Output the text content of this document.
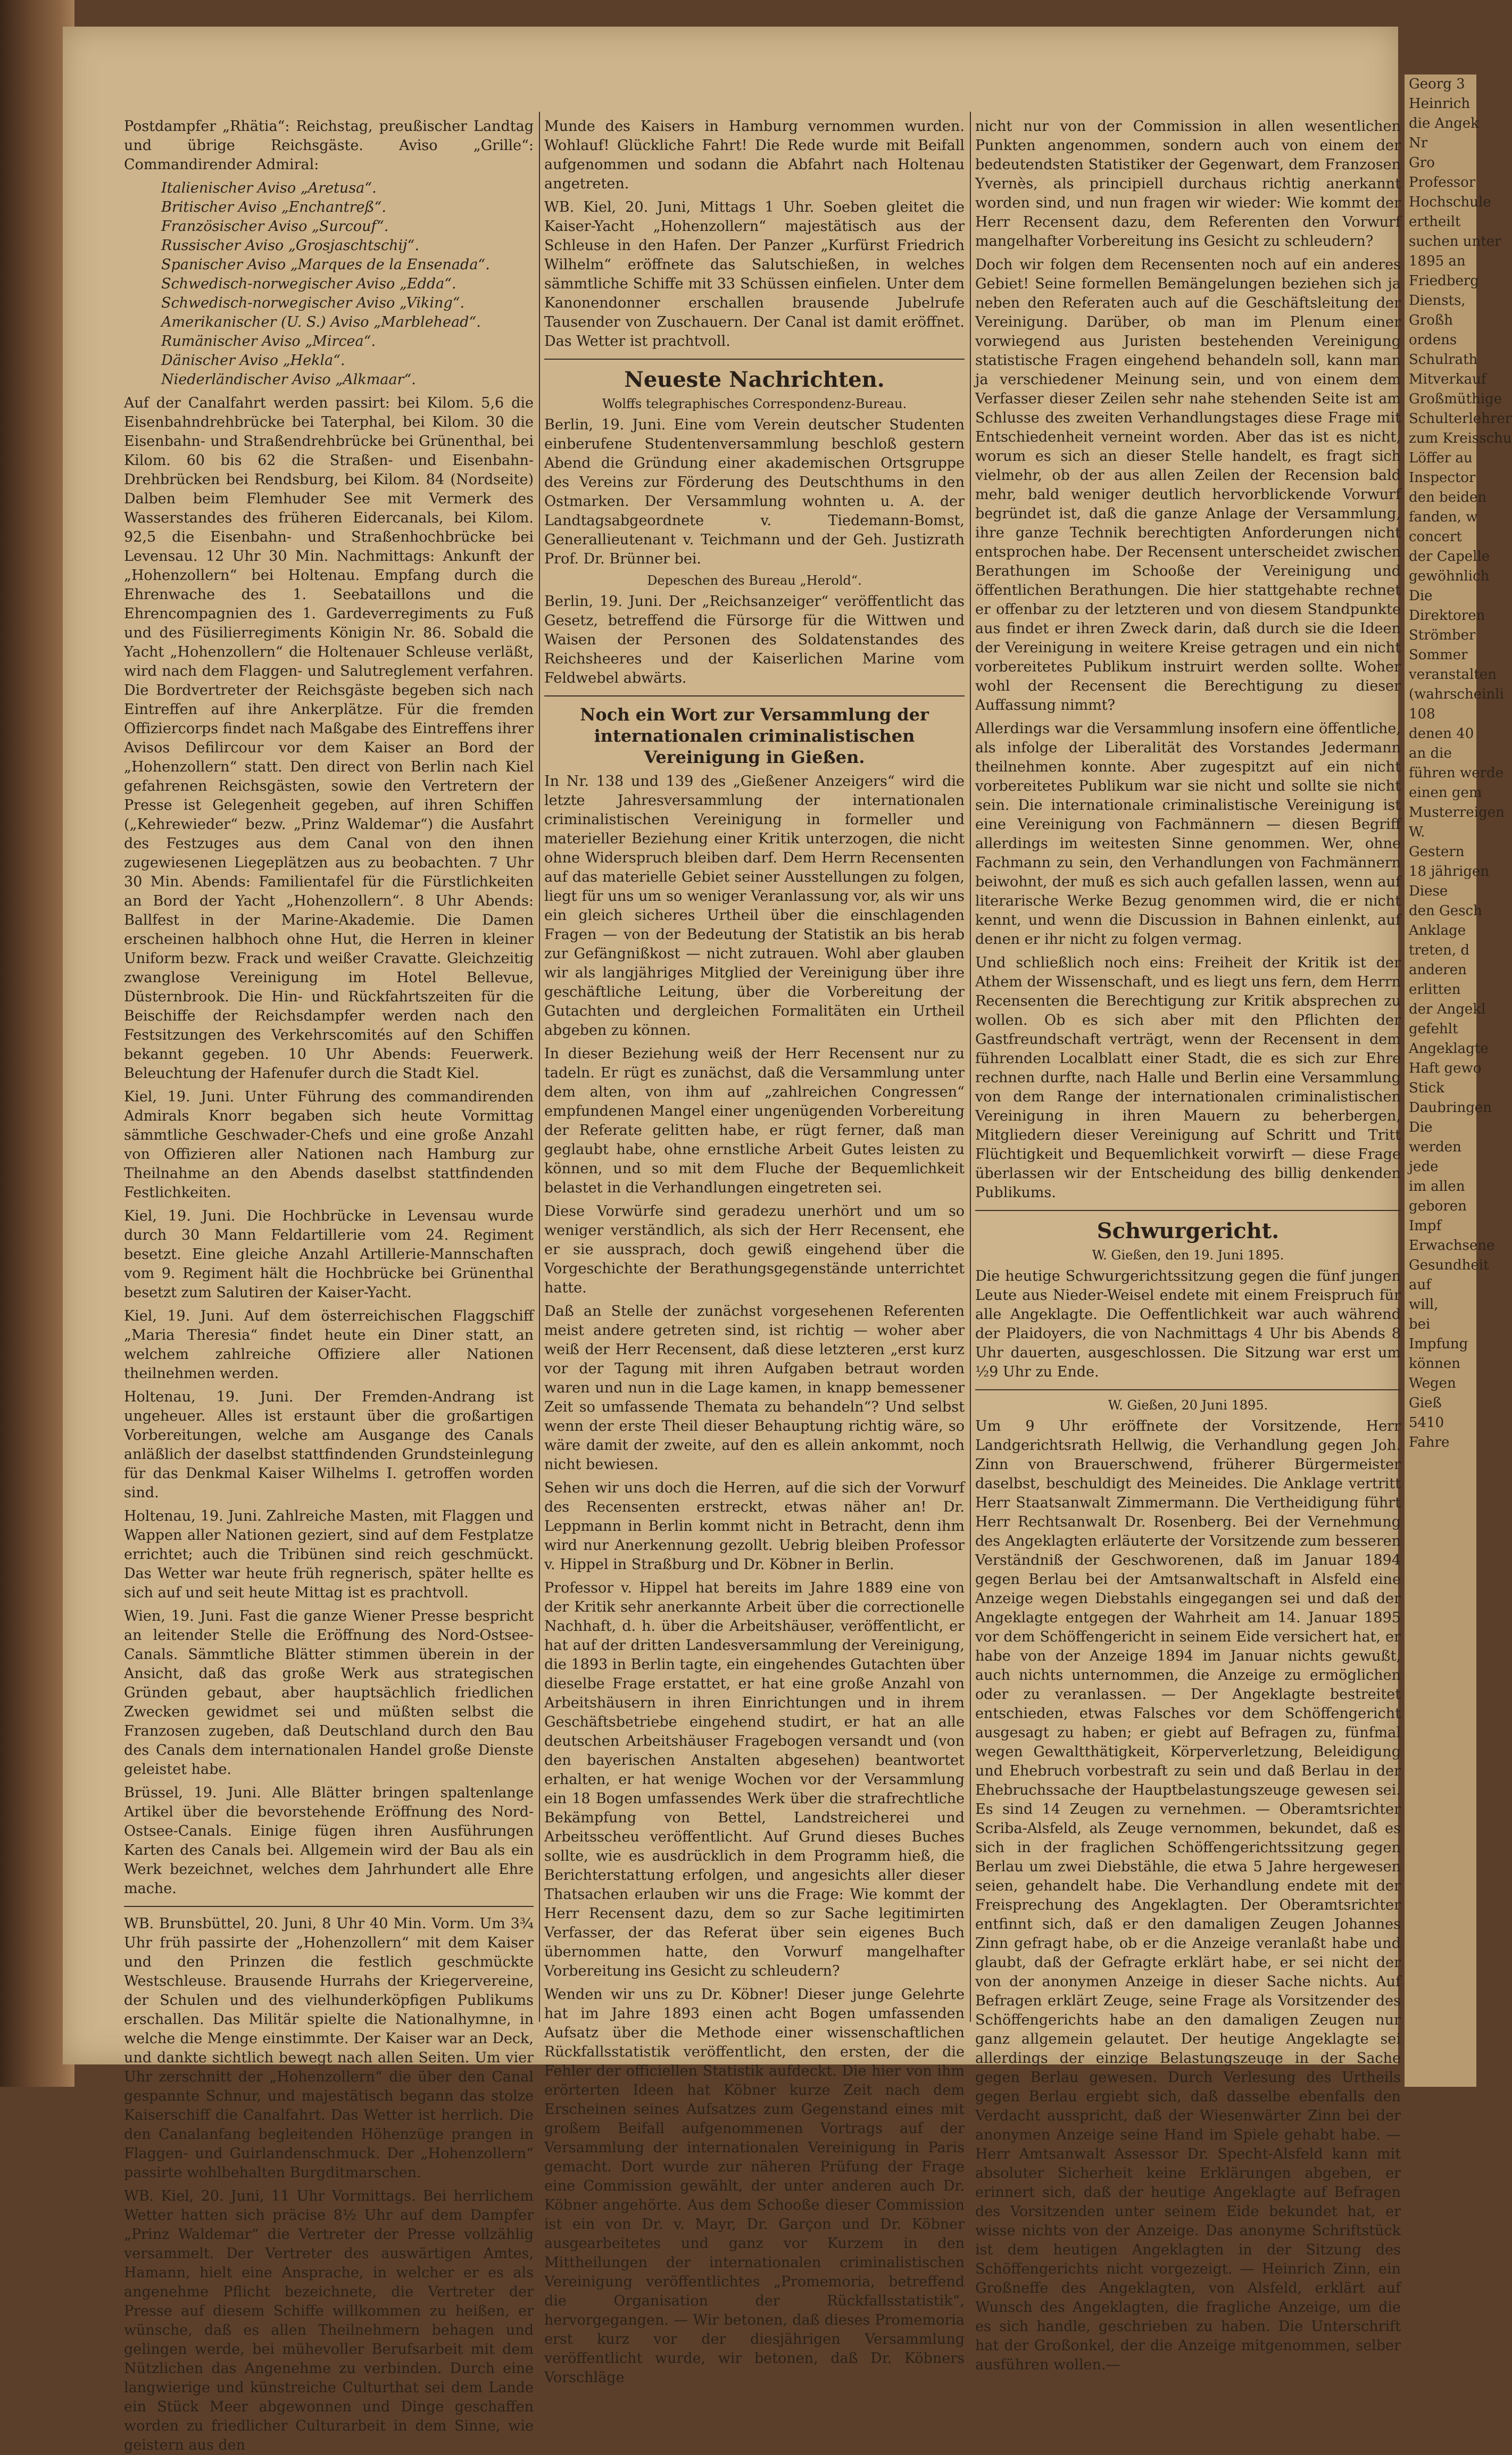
Postdampfer „Rhätia“: Reichstag, preußischer Landtag und übrige Reichsgäste. Aviso „Grille“: Commandirender Admiral:

Italienischer Aviso „Aretusa“.
Britischer Aviso „Enchantreß“.
Französischer Aviso „Surcouf“.
Russischer Aviso „Grosjaschtschij“.
Spanischer Aviso „Marques de la Ensenada“.
Schwedisch-norwegischer Aviso „Edda“.
Schwedisch-norwegischer Aviso „Viking“.
Amerikanischer (U. S.) Aviso „Marblehead“.
Rumänischer Aviso „Mircea“.
Dänischer Aviso „Hekla“.
Niederländischer Aviso „Alkmaar“.

Auf der Canalfahrt werden passirt: bei Kilom. 5,6 die Eisenbahndrehbrücke bei Taterphal, bei Kilom. 30 die Eisenbahn- und Straßendrehbrücke bei Grünenthal, bei Kilom. 60 bis 62 die Straßen- und Eisenbahn-Drehbrücken bei Rendsburg, bei Kilom. 84 (Nordseite) Dalben beim Flemhuder See mit Vermerk des Wasserstandes des früheren Eidercanals, bei Kilom. 92,5 die Eisenbahn- und Straßenhochbrücke bei Levensau. 12 Uhr 30 Min. Nachmittags: Ankunft der „Hohenzollern“ bei Holtenau. Empfang durch die Ehrenwache des 1. Seebataillons und die Ehrencompagnien des 1. Gardeverregiments zu Fuß und des Füsilierregiments Königin Nr. 86. Sobald die Yacht „Hohenzollern“ die Holtenauer Schleuse verläßt, wird nach dem Flaggen- und Salutreglement verfahren. Die Bordvertreter der Reichsgäste begeben sich nach Eintreffen auf ihre Ankerplätze. Für die fremden Offiziercorps findet nach Maßgabe des Eintreffens ihrer Avisos Defilircour vor dem Kaiser an Bord der „Hohenzollern“ statt. Den direct von Berlin nach Kiel gefahrenen Reichsgästen, sowie den Vertretern der Presse ist Gelegenheit gegeben, auf ihren Schiffen („Kehrewieder“ bezw. „Prinz Waldemar“) die Ausfahrt des Festzuges aus dem Canal von den ihnen zugewiesenen Liegeplätzen aus zu beobachten. 7 Uhr 30 Min. Abends: Familientafel für die Fürstlichkeiten an Bord der Yacht „Hohenzollern“. 8 Uhr Abends: Ballfest in der Marine-Akademie. Die Damen erscheinen halbhoch ohne Hut, die Herren in kleiner Uniform bezw. Frack und weißer Cravatte. Gleichzeitig zwanglose Vereinigung im Hotel Bellevue, Düsternbrook. Die Hin- und Rückfahrtszeiten für die Beischiffe der Reichsdampfer werden nach den Festsitzungen des Verkehrscomités auf den Schiffen bekannt gegeben. 10 Uhr Abends: Feuerwerk. Beleuchtung der Hafenufer durch die Stadt Kiel.

Kiel, 19. Juni. Unter Führung des commandirenden Admirals Knorr begaben sich heute Vormittag sämmtliche Geschwader-Chefs und eine große Anzahl von Offizieren aller Nationen nach Hamburg zur Theilnahme an den Abends daselbst stattfindenden Festlichkeiten.

Kiel, 19. Juni. Die Hochbrücke in Levensau wurde durch 30 Mann Feldartillerie vom 24. Regiment besetzt. Eine gleiche Anzahl Artillerie-Mannschaften vom 9. Regiment hält die Hochbrücke bei Grünenthal besetzt zum Salutiren der Kaiser-Yacht.

Kiel, 19. Juni. Auf dem österreichischen Flaggschiff „Maria Theresia“ findet heute ein Diner statt, an welchem zahlreiche Offiziere aller Nationen theilnehmen werden.

Holtenau, 19. Juni. Der Fremden-Andrang ist ungeheuer. Alles ist erstaunt über die großartigen Vorbereitungen, welche am Ausgange des Canals anläßlich der daselbst stattfindenden Grundsteinlegung für das Denkmal Kaiser Wilhelms I. getroffen worden sind.

Holtenau, 19. Juni. Zahlreiche Masten, mit Flaggen und Wappen aller Nationen geziert, sind auf dem Festplatze errichtet; auch die Tribünen sind reich geschmückt. Das Wetter war heute früh regnerisch, später hellte es sich auf und seit heute Mittag ist es prachtvoll.

Wien, 19. Juni. Fast die ganze Wiener Presse bespricht an leitender Stelle die Eröffnung des Nord-Ostsee-Canals. Sämmtliche Blätter stimmen überein in der Ansicht, daß das große Werk aus strategischen Gründen gebaut, aber hauptsächlich friedlichen Zwecken gewidmet sei und müßten selbst die Franzosen zugeben, daß Deutschland durch den Bau des Canals dem internationalen Handel große Dienste geleistet habe.

Brüssel, 19. Juni. Alle Blätter bringen spaltenlange Artikel über die bevorstehende Eröffnung des Nord-Ostsee-Canals. Einige fügen ihren Ausführungen Karten des Canals bei. Allgemein wird der Bau als ein Werk bezeichnet, welches dem Jahrhundert alle Ehre mache.

WB. Brunsbüttel, 20. Juni, 8 Uhr 40 Min. Vorm. Um 3¾ Uhr früh passirte der „Hohenzollern“ mit dem Kaiser und den Prinzen die festlich geschmückte Westschleuse. Brausende Hurrahs der Kriegervereine, der Schulen und des vielhunderköpfigen Publikums erschallen. Das Militär spielte die Nationalhymne, in welche die Menge einstimmte. Der Kaiser war an Deck, und dankte sichtlich bewegt nach allen Seiten. Um vier Uhr zerschnitt der „Hohenzollern“ die über den Canal gespannte Schnur, und majestätisch begann das stolze Kaiserschiff die Canalfahrt. Das Wetter ist herrlich. Die den Canalanfang begleitenden Höhenzüge prangen in Flaggen- und Guirlandenschmuck. Der „Hohenzollern“ passirte wohlbehalten Burgditmarschen.

WB. Kiel, 20. Juni, 11 Uhr Vormittags. Bei herrlichem Wetter hatten sich präcise 8½ Uhr auf dem Dampfer „Prinz Waldemar“ die Vertreter der Presse vollzählig versammelt. Der Vertreter des auswärtigen Amtes, Hamann, hielt eine Ansprache, in welcher er es als angenehme Pflicht bezeichnete, die Vertreter der Presse auf diesem Schiffe willkommen zu heißen, er wünsche, daß es allen Theilnehmern behagen und gelingen werde, bei mühevoller Berufsarbeit mit dem Nützlichen das Angenehme zu verbinden. Durch eine langwierige und künstreiche Culturthat sei dem Lande ein Stück Meer abgewonnen und Dinge geschaffen worden zu friedlicher Culturarbeit in dem Sinne, wie geistern aus den

Munde des Kaisers in Hamburg vernommen wurden. Wohlauf! Glückliche Fahrt! Die Rede wurde mit Beifall aufgenommen und sodann die Abfahrt nach Holtenau angetreten.

WB. Kiel, 20. Juni, Mittags 1 Uhr. Soeben gleitet die Kaiser-Yacht „Hohenzollern“ majestätisch aus der Schleuse in den Hafen. Der Panzer „Kurfürst Friedrich Wilhelm“ eröffnete das Salutschießen, in welches sämmtliche Schiffe mit 33 Schüssen einfielen. Unter dem Kanonendonner erschallen brausende Jubelrufe Tausender von Zuschauern. Der Canal ist damit eröffnet. Das Wetter ist prachtvoll.

Neueste Nachrichten.
Wolffs telegraphisches Correspondenz-Bureau.

Berlin, 19. Juni. Eine vom Verein deutscher Studenten einberufene Studentenversammlung beschloß gestern Abend die Gründung einer akademischen Ortsgruppe des Vereins zur Förderung des Deutschthums in den Ostmarken. Der Versammlung wohnten u. A. der Landtagsabgeordnete v. Tiedemann-Bomst, Generallieutenant v. Teichmann und der Geh. Justizrath Prof. Dr. Brünner bei.

Depeschen des Bureau „Herold“.

Berlin, 19. Juni. Der „Reichsanzeiger“ veröffentlicht das Gesetz, betreffend die Fürsorge für die Wittwen und Waisen der Personen des Soldatenstandes des Reichsheeres und der Kaiserlichen Marine vom Feldwebel abwärts.

Noch ein Wort zur Versammlung der internationalen criminalistischen Vereinigung in Gießen.

In Nr. 138 und 139 des „Gießener Anzeigers“ wird die letzte Jahresversammlung der internationalen criminalistischen Vereinigung in formeller und materieller Beziehung einer Kritik unterzogen, die nicht ohne Widerspruch bleiben darf. Dem Herrn Recensenten auf das materielle Gebiet seiner Ausstellungen zu folgen, liegt für uns um so weniger Veranlassung vor, als wir uns ein gleich sicheres Urtheil über die einschlagenden Fragen — von der Bedeutung der Statistik an bis herab zur Gefängnißkost — nicht zutrauen. Wohl aber glauben wir als langjähriges Mitglied der Vereinigung über ihre geschäftliche Leitung, über die Vorbereitung der Gutachten und dergleichen Formalitäten ein Urtheil abgeben zu können.

In dieser Beziehung weiß der Herr Recensent nur zu tadeln. Er rügt es zunächst, daß die Versammlung unter dem alten, von ihm auf „zahlreichen Congressen“ empfundenen Mangel einer ungenügenden Vorbereitung der Referate gelitten habe, er rügt ferner, daß man geglaubt habe, ohne ernstliche Arbeit Gutes leisten zu können, und so mit dem Fluche der Bequemlichkeit belastet in die Verhandlungen eingetreten sei.

Diese Vorwürfe sind geradezu unerhört und um so weniger verständlich, als sich der Herr Recensent, ehe er sie aussprach, doch gewiß eingehend über die Vorgeschichte der Berathungsgegenstände unterrichtet hatte.

Daß an Stelle der zunächst vorgesehenen Referenten meist andere getreten sind, ist richtig — woher aber weiß der Herr Recensent, daß diese letzteren „erst kurz vor der Tagung mit ihren Aufgaben betraut worden waren und nun in die Lage kamen, in knapp bemessener Zeit so umfassende Themata zu behandeln“? Und selbst wenn der erste Theil dieser Behauptung richtig wäre, so wäre damit der zweite, auf den es allein ankommt, noch nicht bewiesen.

Sehen wir uns doch die Herren, auf die sich der Vorwurf des Recensenten erstreckt, etwas näher an! Dr. Leppmann in Berlin kommt nicht in Betracht, denn ihm wird nur Anerkennung gezollt. Uebrig bleiben Professor v. Hippel in Straßburg und Dr. Köbner in Berlin.

Professor v. Hippel hat bereits im Jahre 1889 eine von der Kritik sehr anerkannte Arbeit über die correctionelle Nachhaft, d. h. über die Arbeitshäuser, veröffentlicht, er hat auf der dritten Landesversammlung der Vereinigung, die 1893 in Berlin tagte, ein eingehendes Gutachten über dieselbe Frage erstattet, er hat eine große Anzahl von Arbeitshäusern in ihren Einrichtungen und in ihrem Geschäftsbetriebe eingehend studirt, er hat an alle deutschen Arbeitshäuser Fragebogen versandt und (von den bayerischen Anstalten abgesehen) beantwortet erhalten, er hat wenige Wochen vor der Versammlung ein 18 Bogen umfassendes Werk über die strafrechtliche Bekämpfung von Bettel, Landstreicherei und Arbeitsscheu veröffentlicht. Auf Grund dieses Buches sollte, wie es ausdrücklich in dem Programm hieß, die Berichterstattung erfolgen, und angesichts aller dieser Thatsachen erlauben wir uns die Frage: Wie kommt der Herr Recensent dazu, dem so zur Sache legitimirten Verfasser, der das Referat über sein eigenes Buch übernommen hatte, den Vorwurf mangelhafter Vorbereitung ins Gesicht zu schleudern?

Wenden wir uns zu Dr. Köbner! Dieser junge Gelehrte hat im Jahre 1893 einen acht Bogen umfassenden Aufsatz über die Methode einer wissenschaftlichen Rückfallsstatistik veröffentlicht, den ersten, der die Fehler der officiellen Statistik aufdeckt. Die hier von ihm erörterten Ideen hat Köbner kurze Zeit nach dem Erscheinen seines Aufsatzes zum Gegenstand eines mit großem Beifall aufgenommenen Vortrags auf der Versammlung der internationalen Vereinigung in Paris gemacht. Dort wurde zur näheren Prüfung der Frage eine Commission gewählt, der unter anderen auch Dr. Köbner angehörte. Aus dem Schooße dieser Commission ist ein von Dr. v. Mayr, Dr. Garçon und Dr. Köbner ausgearbeitetes und ganz vor Kurzem in den Mittheilungen der internationalen criminalistischen Vereinigung veröffentlichtes „Promemoria, betreffend die Organisation der Rückfallsstatistik“, hervorgegangen. — Wir betonen, daß dieses Promemoria erst kurz vor der diesjährigen Versammlung veröffentlicht wurde, wir betonen, daß Dr. Köbners Vorschläge

nicht nur von der Commission in allen wesentlichen Punkten angenommen, sondern auch von einem der bedeutendsten Statistiker der Gegenwart, dem Franzosen Yvernès, als principiell durchaus richtig anerkannt worden sind, und nun fragen wir wieder: Wie kommt der Herr Recensent dazu, dem Referenten den Vorwurf mangelhafter Vorbereitung ins Gesicht zu schleudern?

Doch wir folgen dem Recensenten noch auf ein anderes Gebiet! Seine formellen Bemängelungen beziehen sich ja neben den Referaten auch auf die Geschäftsleitung der Vereinigung. Darüber, ob man im Plenum einer vorwiegend aus Juristen bestehenden Vereinigung statistische Fragen eingehend behandeln soll, kann man ja verschiedener Meinung sein, und von einem dem Verfasser dieser Zeilen sehr nahe stehenden Seite ist am Schlusse des zweiten Verhandlungstages diese Frage mit Entschiedenheit verneint worden. Aber das ist es nicht, worum es sich an dieser Stelle handelt, es fragt sich vielmehr, ob der aus allen Zeilen der Recension bald mehr, bald weniger deutlich hervorblickende Vorwurf begründet ist, daß die ganze Anlage der Versammlung, ihre ganze Technik berechtigten Anforderungen nicht entsprochen habe. Der Recensent unterscheidet zwischen Berathungen im Schooße der Vereinigung und öffentlichen Berathungen. Die hier stattgehabte rechnet er offenbar zu der letzteren und von diesem Standpunkte aus findet er ihren Zweck darin, daß durch sie die Ideen der Vereinigung in weitere Kreise getragen und ein nicht vorbereitetes Publikum instruirt werden sollte. Woher wohl der Recensent die Berechtigung zu dieser Auffassung nimmt?

Allerdings war die Versammlung insofern eine öffentliche, als infolge der Liberalität des Vorstandes Jedermann theilnehmen konnte. Aber zugespitzt auf ein nicht vorbereitetes Publikum war sie nicht und sollte sie nicht sein. Die internationale criminalistische Vereinigung ist eine Vereinigung von Fachmännern — diesen Begriff allerdings im weitesten Sinne genommen. Wer, ohne Fachmann zu sein, den Verhandlungen von Fachmännern beiwohnt, der muß es sich auch gefallen lassen, wenn auf literarische Werke Bezug genommen wird, die er nicht kennt, und wenn die Discussion in Bahnen einlenkt, auf denen er ihr nicht zu folgen vermag.

Und schließlich noch eins: Freiheit der Kritik ist der Athem der Wissenschaft, und es liegt uns fern, dem Herrn Recensenten die Berechtigung zur Kritik absprechen zu wollen. Ob es sich aber mit den Pflichten der Gastfreundschaft verträgt, wenn der Recensent in dem führenden Localblatt einer Stadt, die es sich zur Ehre rechnen durfte, nach Halle und Berlin eine Versammlung von dem Range der internationalen criminalistischen Vereinigung in ihren Mauern zu beherbergen, Mitgliedern dieser Vereinigung auf Schritt und Tritt Flüchtigkeit und Bequemlichkeit vorwirft — diese Frage überlassen wir der Entscheidung des billig denkenden Publikums.

Schwurgericht.
W. Gießen, den 19. Juni 1895.

Die heutige Schwurgerichtssitzung gegen die fünf jungen Leute aus Nieder-Weisel endete mit einem Freispruch für alle Angeklagte. Die Oeffentlichkeit war auch während der Plaidoyers, die von Nachmittags 4 Uhr bis Abends 8 Uhr dauerten, ausgeschlossen. Die Sitzung war erst um ½9 Uhr zu Ende.

W. Gießen, 20 Juni 1895.

Um 9 Uhr eröffnete der Vorsitzende, Herr Landgerichtsrath Hellwig, die Verhandlung gegen Joh. Zinn von Brauerschwend, früherer Bürgermeister daselbst, beschuldigt des Meineides. Die Anklage vertritt Herr Staatsanwalt Zimmermann. Die Vertheidigung führt Herr Rechtsanwalt Dr. Rosenberg. Bei der Vernehmung des Angeklagten erläuterte der Vorsitzende zum besseren Verständniß der Geschworenen, daß im Januar 1894 gegen Berlau bei der Amtsanwaltschaft in Alsfeld eine Anzeige wegen Diebstahls eingegangen sei und daß der Angeklagte entgegen der Wahrheit am 14. Januar 1895 vor dem Schöffengericht in seinem Eide versichert hat, er habe von der Anzeige 1894 im Januar nichts gewußt, auch nichts unternommen, die Anzeige zu ermöglichen oder zu veranlassen. — Der Angeklagte bestreitet entschieden, etwas Falsches vor dem Schöffengericht ausgesagt zu haben; er giebt auf Befragen zu, fünfmal wegen Gewaltthätigkeit, Körperverletzung, Beleidigung und Ehebruch vorbestraft zu sein und daß Berlau in der Ehebruchssache der Hauptbelastungszeuge gewesen sei. Es sind 14 Zeugen zu vernehmen. — Oberamtsrichter Scriba-Alsfeld, als Zeuge vernommen, bekundet, daß es sich in der fraglichen Schöffengerichtssitzung gegen Berlau um zwei Diebstähle, die etwa 5 Jahre hergewesen seien, gehandelt habe. Die Verhandlung endete mit der Freisprechung des Angeklagten. Der Oberamtsrichter entfinnt sich, daß er den damaligen Zeugen Johannes Zinn gefragt habe, ob er die Anzeige veranlaßt habe und glaubt, daß der Gefragte erklärt habe, er sei nicht der von der anonymen Anzeige in dieser Sache nichts. Auf Befragen erklärt Zeuge, seine Frage als Vorsitzender des Schöffengerichts habe an den damaligen Zeugen nur ganz allgemein gelautet. Der heutige Angeklagte sei allerdings der einzige Belastungszeuge in der Sache gegen Berlau gewesen. Durch Verlesung des Urtheils gegen Berlau ergiebt sich, daß dasselbe ebenfalls den Verdacht ausspricht, daß der Wiesenwärter Zinn bei der anonymen Anzeige seine Hand im Spiele gehabt habe. — Herr Amtsanwalt Assessor Dr. Specht-Alsfeld kann mit absoluter Sicherheit keine Erklärungen abgeben, er erinnert sich, daß der heutige Angeklagte auf Befragen des Vorsitzenden unter seinem Eide bekundet hat, er wisse nichts von der Anzeige. Das anonyme Schriftstück ist dem heutigen Angeklagten in der Sitzung des Schöffengerichts nicht vorgezeigt. — Heinrich Zinn, ein Großneffe des Angeklagten, von Alsfeld, erklärt auf Wunsch des Angeklagten, die fragliche Anzeige, um die es sich handle, geschrieben zu haben. Die Unterschrift hat der Großonkel, der die Anzeige mitgenommen, selber ausführen wollen.—

Georg 3
Heinrich
die Angek
Nr
Gro
Professor
Hochschule
ertheilt
suchen unter
1895 an
Friedberg
Diensts,
Großh
ordens
Schulrath
Mitverkauf
Großmüthige
Schulterlehrer
zum Kreisschu
Löffer au
Inspector
den beiden
fanden, w
concert
der Capelle
gewöhnlich
Die
Direktoren
Strömber
Sommer
veranstalten
(wahrscheinli
108
denen 40
an die
führen werde
einen gem
Musterreigen
W.
Gestern
18 jährigen
Diese
den Gesch
Anklage
treten, d
anderen
erlitten
der Angekl
gefehlt
Angeklagte
Haft gewo
Stick
Daubringen
Die
werden
jede
im allen
geboren
Impf
Erwachsene
Gesundheit
auf
will,
bei
Impfung
können
Wegen
Gieß
5410
Fahre
